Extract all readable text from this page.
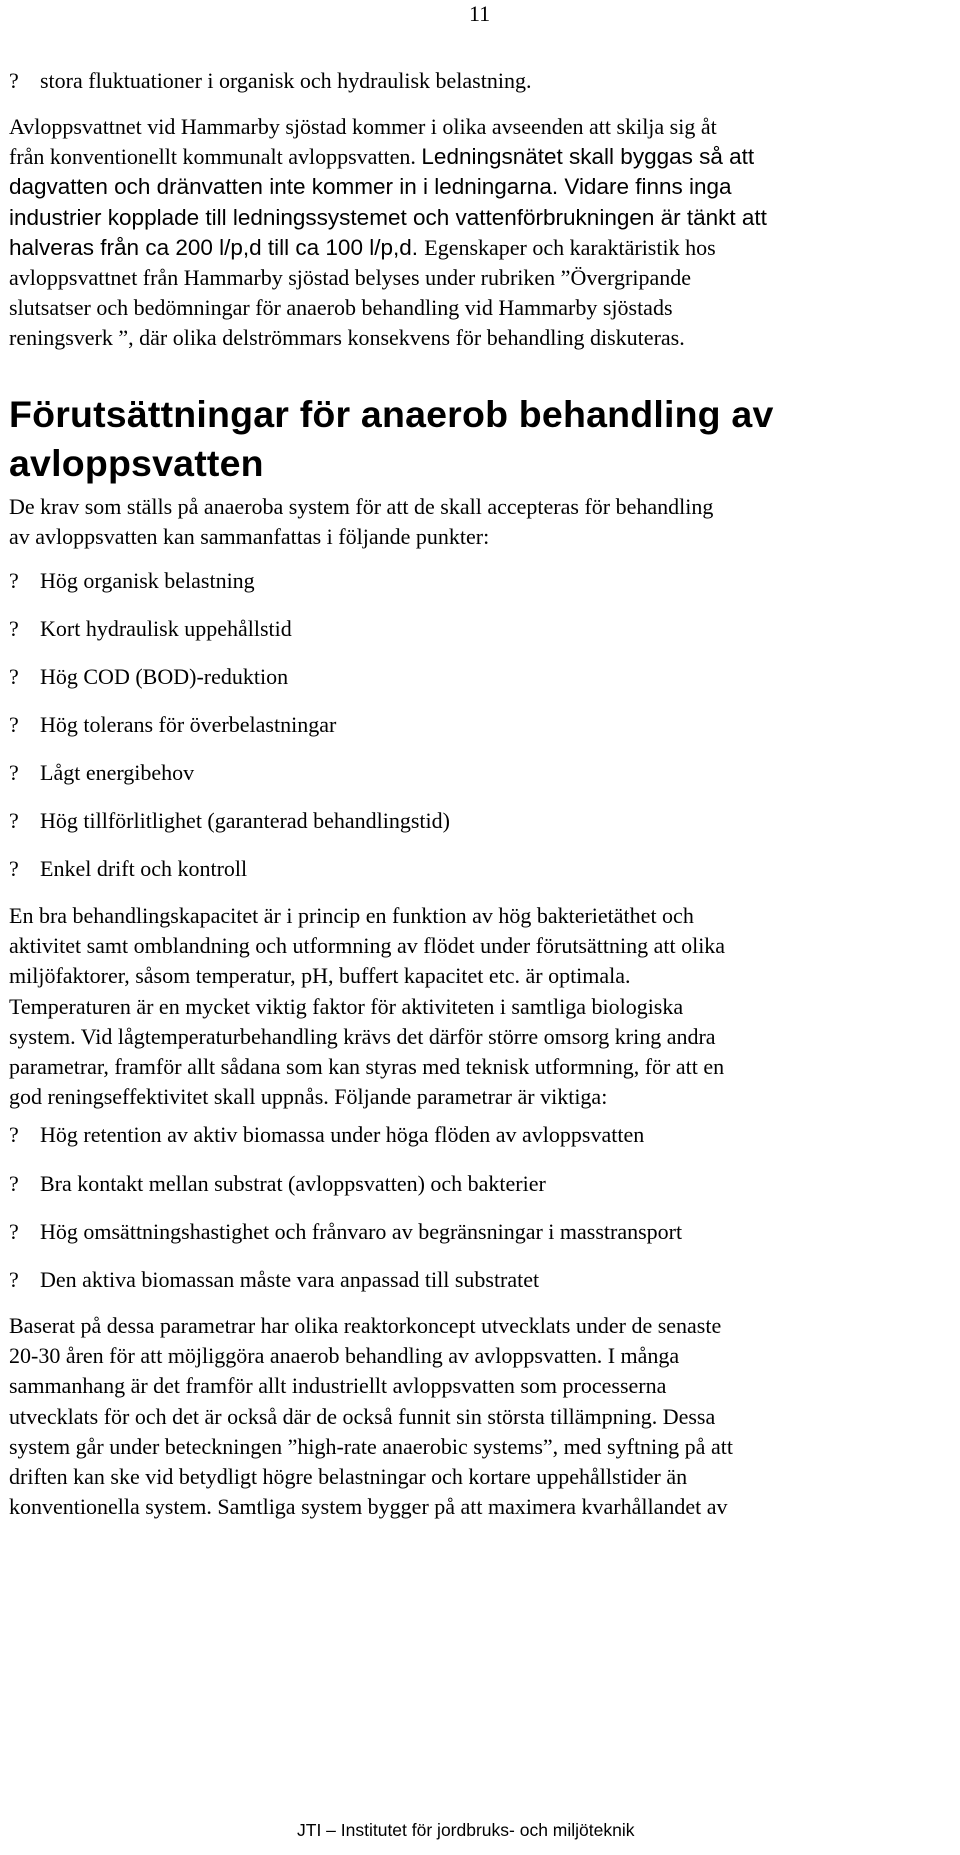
11
? stora fluktuationer i organisk och hydraulisk belastning.
Avloppsvattnet vid Hammarby sjöstad kommer i olika avseenden att skilja sig åt
från konventionellt kommunalt avloppsvatten. Ledningsnätet skall byggas så att
dagvatten och dränvatten inte kommer in i ledningarna. Vidare finns inga
industrier kopplade till ledningssystemet och vattenförbrukningen är tänkt att
halveras från ca 200 l/p,d till ca 100 l/p,d. Egenskaper och karaktäristik hos
avloppsvattnet från Hammarby sjöstad belyses under rubriken ”Övergripande
slutsatser och bedömningar för anaerob behandling vid Hammarby sjöstads
reningsverk ”, där olika delströmmars konsekvens för behandling diskuteras.
Förutsättningar för anaerob behandling av
avloppsvatten
De krav som ställs på anaeroba system för att de skall accepteras för behandling
av avloppsvatten kan sammanfattas i följande punkter:
? Hög organisk belastning
? Kort hydraulisk uppehållstid
? Hög COD (BOD)-reduktion
? Hög tolerans för överbelastningar
? Lågt energibehov
? Hög tillförlitlighet (garanterad behandlingstid)
? Enkel drift och kontroll
En bra behandlingskapacitet är i princip en funktion av hög bakterietäthet och
aktivitet samt omblandning och utformning av flödet under förutsättning att olika
miljöfaktorer, såsom temperatur, pH, buffert kapacitet etc. är optimala.
Temperaturen är en mycket viktig faktor för aktiviteten i samtliga biologiska
system. Vid lågtemperaturbehandling krävs det därför större omsorg kring andra
parametrar, framför allt sådana som kan styras med teknisk utformning, för att en
god reningseffektivitet skall uppnås. Följande parametrar är viktiga:
? Hög retention av aktiv biomassa under höga flöden av avloppsvatten
? Bra kontakt mellan substrat (avloppsvatten) och bakterier
? Hög omsättningshastighet och frånvaro av begränsningar i masstransport
? Den aktiva biomassan måste vara anpassad till substratet
Baserat på dessa parametrar har olika reaktorkoncept utvecklats under de senaste
20-30 åren för att möjliggöra anaerob behandling av avloppsvatten. I många
sammanhang är det framför allt industriellt avloppsvatten som processerna
utvecklats för och det är också där de också funnit sin största tillämpning. Dessa
system går under beteckningen ”high-rate anaerobic systems”, med syftning på att
driften kan ske vid betydligt högre belastningar och kortare uppehållstider än
konventionella system. Samtliga system bygger på att maximera kvarhållandet av
JTI – Institutet för jordbruks- och miljöteknik
